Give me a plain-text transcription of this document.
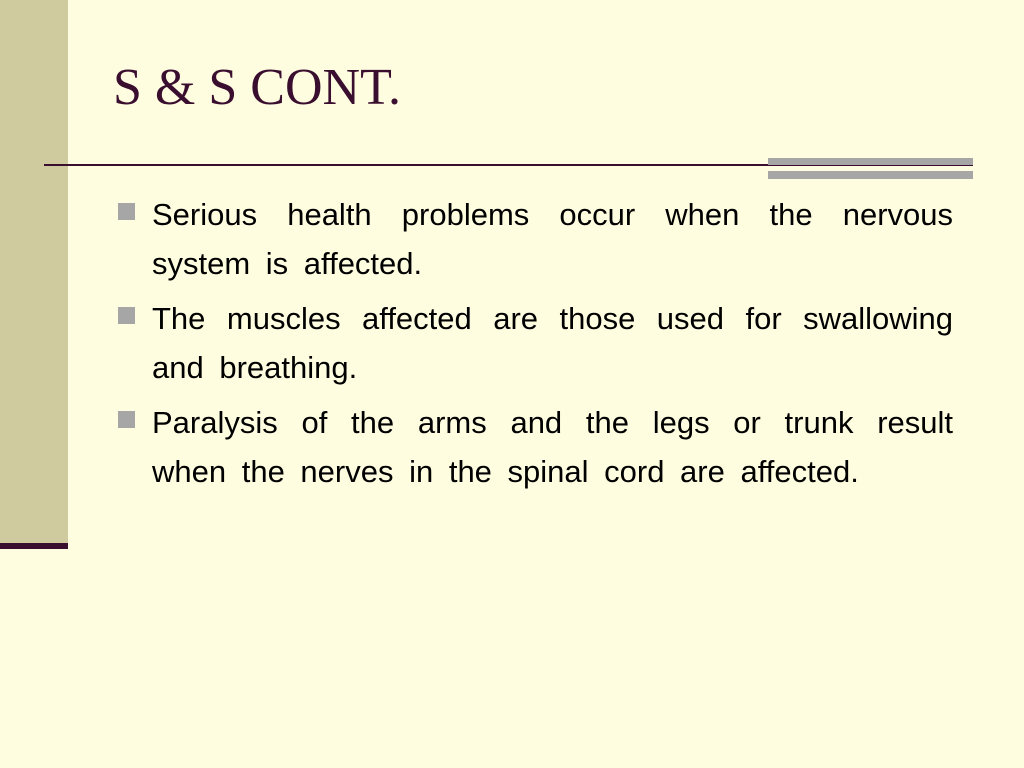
S & S CONT.
Serious health problems occur when the nervous system is affected.
The muscles affected are those used for swallowing and breathing.
Paralysis of the arms and the legs or trunk result when the nerves in the spinal cord are affected.
